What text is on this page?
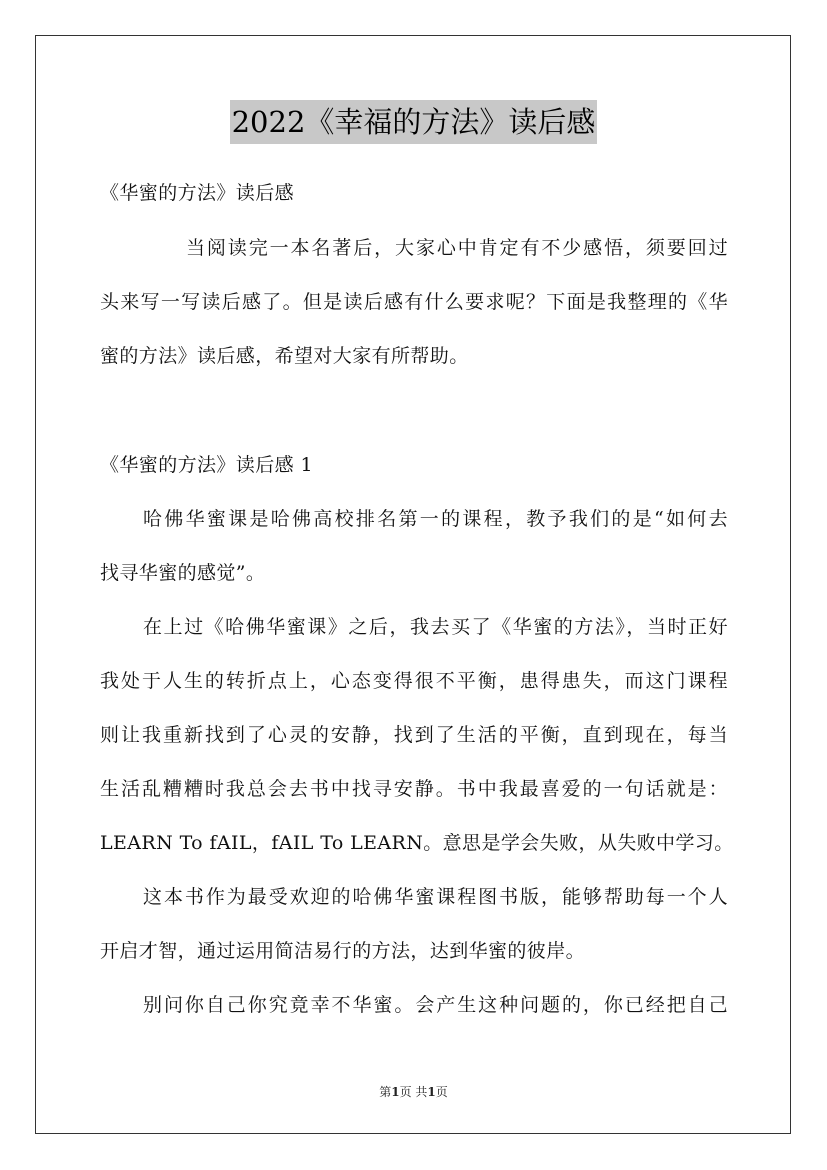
2022《幸福的方法》读后感
《华蜜的方法》读后感
当阅读完一本名著后，大家心中肯定有不少感悟，须要回过
头来写一写读后感了。但是读后感有什么要求呢？下面是我整理的《华
蜜的方法》读后感，希望对大家有所帮助。
《华蜜的方法》读后感 1
哈佛华蜜课是哈佛高校排名第一的课程，教予我们的是“如何去
找寻华蜜的感觉”。
在上过《哈佛华蜜课》之后，我去买了《华蜜的方法》，当时正好
我处于人生的转折点上，心态变得很不平衡，患得患失，而这门课程
则让我重新找到了心灵的安静，找到了生活的平衡，直到现在，每当
生活乱糟糟时我总会去书中找寻安静。书中我最喜爱的一句话就是：
LEARN To fAIL，fAIL To LEARN。意思是学会失败，从失败中学习。
这本书作为最受欢迎的哈佛华蜜课程图书版，能够帮助每一个人
开启才智，通过运用简洁易行的方法，达到华蜜的彼岸。
别问你自己你究竟幸不华蜜。会产生这种问题的，你已经把自己
第1页 共1页
